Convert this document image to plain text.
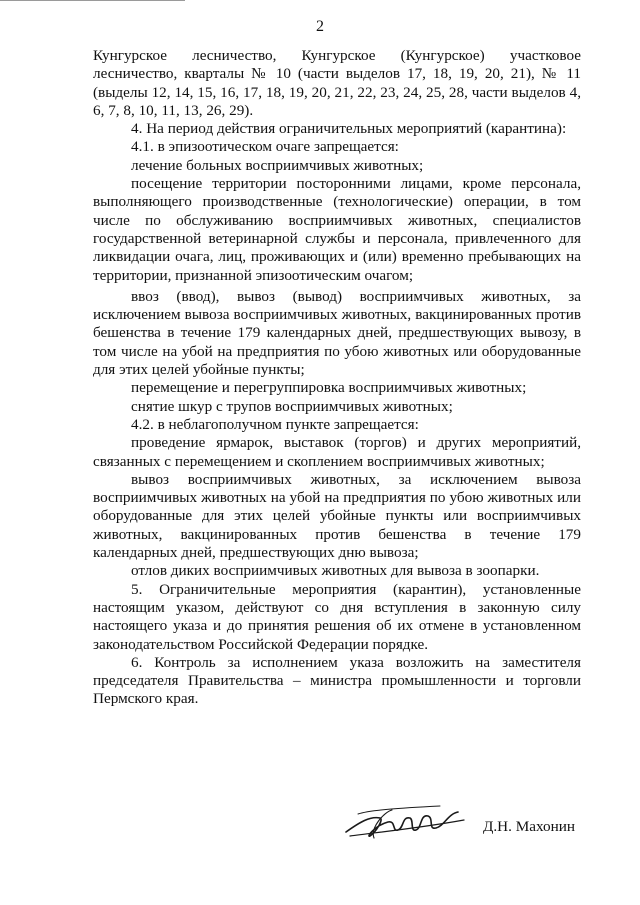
2

Кунгурское лесничество, Кунгурское (Кунгурское) участковое лесничество, кварталы № 10 (части выделов 17, 18, 19, 20, 21), № 11 (выделы 12, 14, 15, 16, 17, 18, 19, 20, 21, 22, 23, 24, 25, 28, части выделов 4, 6, 7, 8, 10, 11, 13, 26, 29).

4. На период действия ограничительных мероприятий (карантина):

4.1. в эпизоотическом очаге запрещается:

лечение больных восприимчивых животных;

посещение территории посторонними лицами, кроме персонала, выполняющего производственные (технологические) операции, в том числе по обслуживанию восприимчивых животных, специалистов государственной ветеринарной службы и персонала, привлеченного для ликвидации очага, лиц, проживающих и (или) временно пребывающих на территории, признанной эпизоотическим очагом;

ввоз (ввод), вывоз (вывод) восприимчивых животных, за исключением вывоза восприимчивых животных, вакцинированных против бешенства в течение 179 календарных дней, предшествующих вывозу, в том числе на убой на предприятия по убою животных или оборудованные для этих целей убойные пункты;

перемещение и перегруппировка восприимчивых животных;

снятие шкур с трупов восприимчивых животных;

4.2. в неблагополучном пункте запрещается:

проведение ярмарок, выставок (торгов) и других мероприятий, связанных с перемещением и скоплением восприимчивых животных;

вывоз восприимчивых животных, за исключением вывоза восприимчивых животных на убой на предприятия по убою животных или оборудованные для этих целей убойные пункты или восприимчивых животных, вакцинированных против бешенства в течение 179 календарных дней, предшествующих дню вывоза;

отлов диких восприимчивых животных для вывоза в зоопарки.

5. Ограничительные мероприятия (карантин), установленные настоящим указом, действуют со дня вступления в законную силу настоящего указа и до принятия решения об их отмене в установленном законодательством Российской Федерации порядке.

6. Контроль за исполнением указа возложить на заместителя председателя Правительства – министра промышленности и торговли Пермского края.

Д.Н. Махонин
